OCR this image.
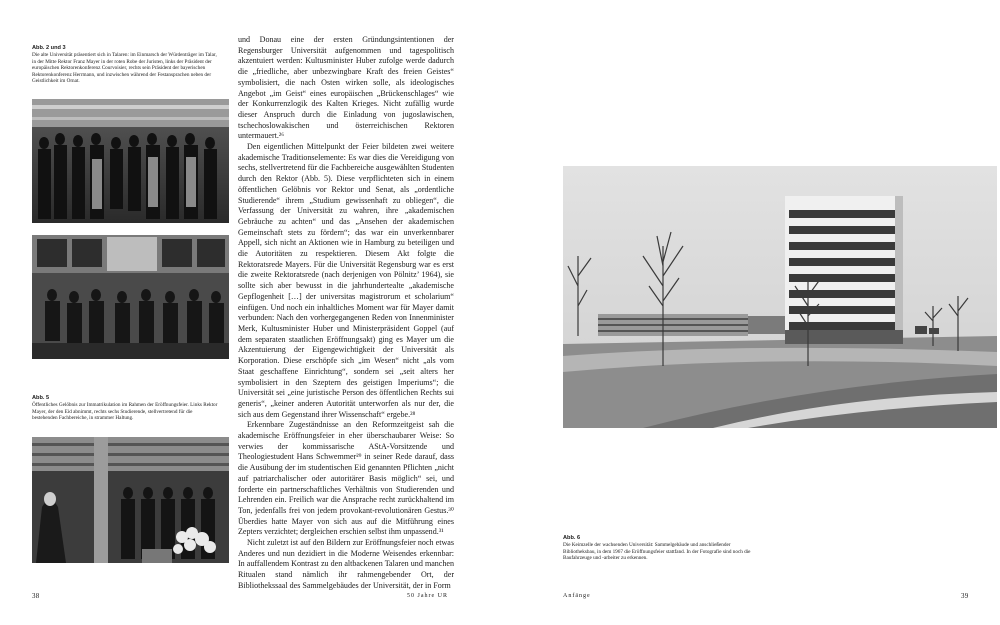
Abb. 2 und 3

Die alte Universität präsentiert sich in Talaren: im Einmarsch der Würdenträger im Talar, in der Mitte Rektor Franz Mayer in der roten Robe der Juristen, links der Präsident der europäischen Rektorenkonferenz Courvoisier, rechts sein Präsident der bayerischen Rektorenkonferenz Herrmann, und inzwischen während der Festansprachen neben der Geistlichkeit im Ornat.

Abb. 5

Öffentliches Gelöbnis zur Immatrikulation im Rahmen der Eröffnungsfeier. Links Rektor Mayer, der den Eid abnimmt, rechts sechs Studierende, stellvertretend für die bestehenden Fachbereiche, in strammer Haltung.

und Donau eine der ersten Gründungsintentionen der Regensburger Universität aufgenommen und tagespolitisch akzentuiert werden: Kultusminister Huber zufolge werde dadurch die „friedliche, aber unbezwingbare Kraft des freien Geistes“ symbolisiert, die nach Osten wirken solle, als ideologisches Angebot „im Geist“ eines europäischen „Brückenschlages“ wie der Konkurrenzlogik des Kalten Krieges. Nicht zufällig wurde dieser Anspruch durch die Einladung von jugoslawischen, tschechoslowakischen und österreichischen Rektoren untermauert.²⁶

Den eigentlichen Mittelpunkt der Feier bildeten zwei weitere akademische Traditionselemente: Es war dies die Vereidigung von sechs, stellvertretend für die Fachbereiche ausgewählten Studenten durch den Rektor (Abb. 5). Diese verpflichteten sich in einem öffentlichen Gelöbnis vor Rektor und Senat, als „ordentliche Studierende“ ihrem „Studium gewissenhaft zu obliegen“, die Verfassung der Universität zu wahren, ihre „akademischen Gebräuche zu achten“ und das „Ansehen der akademischen Gemeinschaft stets zu fördern“; das war ein unverkennbarer Appell, sich nicht an Aktionen wie in Hamburg zu beteiligen und die Autoritäten zu respektieren. Diesem Akt folgte die Rektoratsrede Mayers. Für die Universität Regensburg war es erst die zweite Rektoratsrede (nach derjenigen von Pölnitz’ 1964), sie sollte sich aber bewusst in die jahrhundertealte „akademische Gepflogenheit […] der universitas magistrorum et scholarium“ einfügen. Und noch ein inhaltliches Moment war für Mayer damit verbunden: Nach den vorhergegangenen Reden von Innenminister Merk, Kultusminister Huber und Ministerpräsident Goppel (auf dem separaten staatlichen Eröffnungsakt) ging es Mayer um die Akzentuierung der Eigengewichtigkeit der Universität als Korporation. Diese erschöpfe sich „im Wesen“ nicht „als vom Staat geschaffene Einrichtung“, sondern sei „seit alters her symbolisiert in den Szeptern des geistigen Imperiums“; die Universität sei „eine juristische Person des öffentlichen Rechts sui generis“, „keiner anderen Autorität unterworfen als nur der, die sich aus dem Gegenstand ihrer Wissenschaft“ ergebe.²⁸

Erkennbare Zugeständnisse an den Reformzeitgeist sah die akademische Eröffnungsfeier in eher überschaubarer Weise: So verwies der kommissarische AStA-Vorsitzende und Theologiestudent Hans Schwemmer²⁹ in seiner Rede darauf, dass die Ausübung der im studentischen Eid genannten Pflichten „nicht auf patriarchalischer oder autoritärer Basis möglich“ sei, und forderte ein partnerschaftliches Verhältnis von Studierenden und Lehrenden ein. Freilich war die Ansprache recht zurückhaltend im Ton, jedenfalls frei von jedem provokant-revolutionären Gestus.³⁰ Überdies hatte Mayer von sich aus auf die Mitführung eines Zepters verzichtet; dergleichen erschien selbst ihm unpassend.³¹

Nicht zuletzt ist auf den Bildern zur Eröffnungsfeier noch etwas Anderes und nun dezidiert in die Moderne Weisendes erkennbar: In auffallendem Kontrast zu den altbackenen Talaren und manchen Ritualen stand nämlich ihr rahmengebender Ort, der Bibliothekssaal des Sammelgebäudes der Universität, der in Form

38	50 Jahre UR
Abb. 6

Die Keimzelle der wachsenden Universität: Sammelgebäude und anschließender Bibliotheksbau, in dem 1967 die Eröffnungsfeier stattfand. In der Fotografie sind noch die Baufahrzeuge und -arbeiter zu erkennen.

Anfänge	39
